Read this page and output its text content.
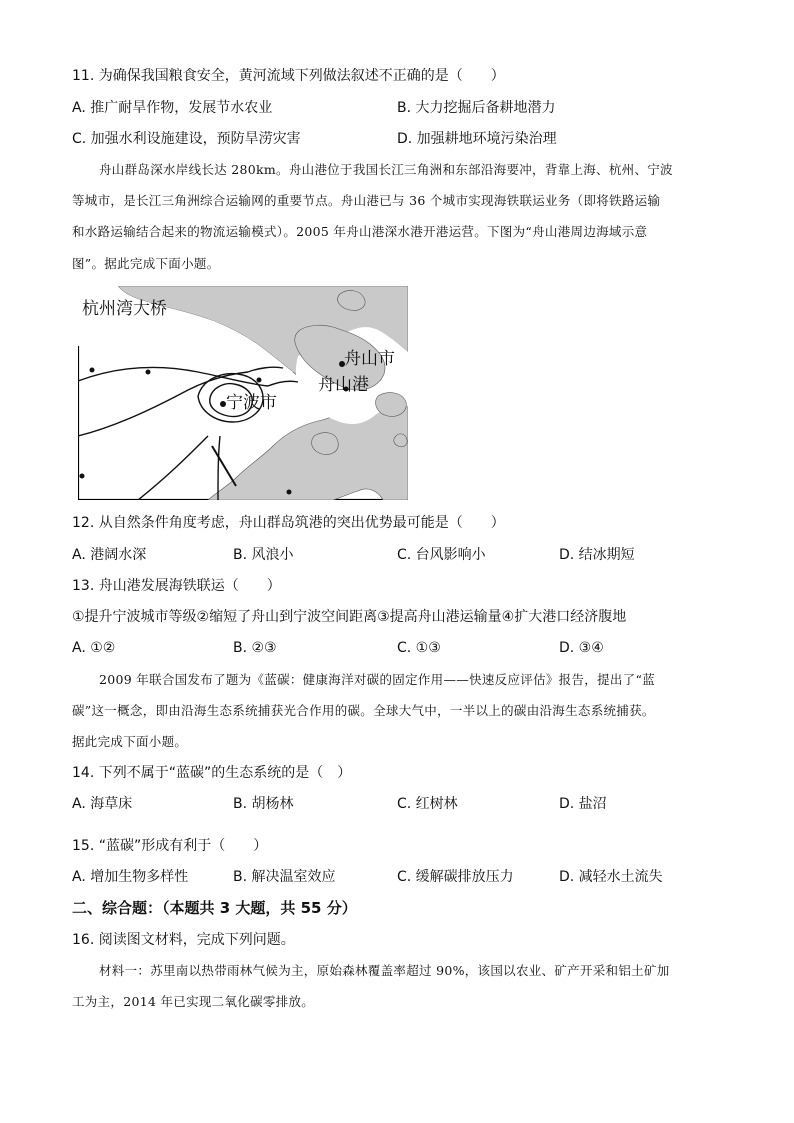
11. 为确保我国粮食安全，黄河流域下列做法叙述不正确的是（　　）
A. 推广耐旱作物，发展节水农业	B. 大力挖掘后备耕地潜力
C. 加强水利设施建设，预防旱涝灾害	D. 加强耕地环境污染治理
舟山群岛深水岸线长达 280km。舟山港位于我国长江三角洲和东部沿海要冲，背靠上海、杭州、宁波
等城市，是长江三角洲综合运输网的重要节点。舟山港已与 36 个城市实现海铁联运业务（即将铁路运输
和水路运输结合起来的物流运输模式）。2005 年舟山港深水港开港运营。下图为“舟山港周边海域示意
图”。据此完成下面小题。
杭州湾大桥
舟山市
舟山港
宁波市
12. 从自然条件角度考虑，舟山群岛筑港的突出优势最可能是（　　）
A. 港阔水深	B. 风浪小	C. 台风影响小	D. 结冰期短
13. 舟山港发展海铁联运（　　）
①提升宁波城市等级②缩短了舟山到宁波空间距离③提高舟山港运输量④扩大港口经济腹地
A. ①②	B. ②③	C. ①③	D. ③④
2009 年联合国发布了题为《蓝碳：健康海洋对碳的固定作用——快速反应评估》报告，提出了“蓝
碳”这一概念，即由沿海生态系统捕获光合作用的碳。全球大气中，一半以上的碳由沿海生态系统捕获。
据此完成下面小题。
14. 下列不属于“蓝碳”的生态系统的是（　）
A. 海草床	B. 胡杨林	C. 红树林	D. 盐沼
15. “蓝碳”形成有利于（　　）
A. 增加生物多样性	B. 解决温室效应	C. 缓解碳排放压力	D. 减轻水土流失
二、综合题：（本题共 3 大题，共 55 分）
16. 阅读图文材料，完成下列问题。
材料一：苏里南以热带雨林气候为主，原始森林覆盖率超过 90%，该国以农业、矿产开采和铝土矿加
工为主，2014 年已实现二氧化碳零排放。
